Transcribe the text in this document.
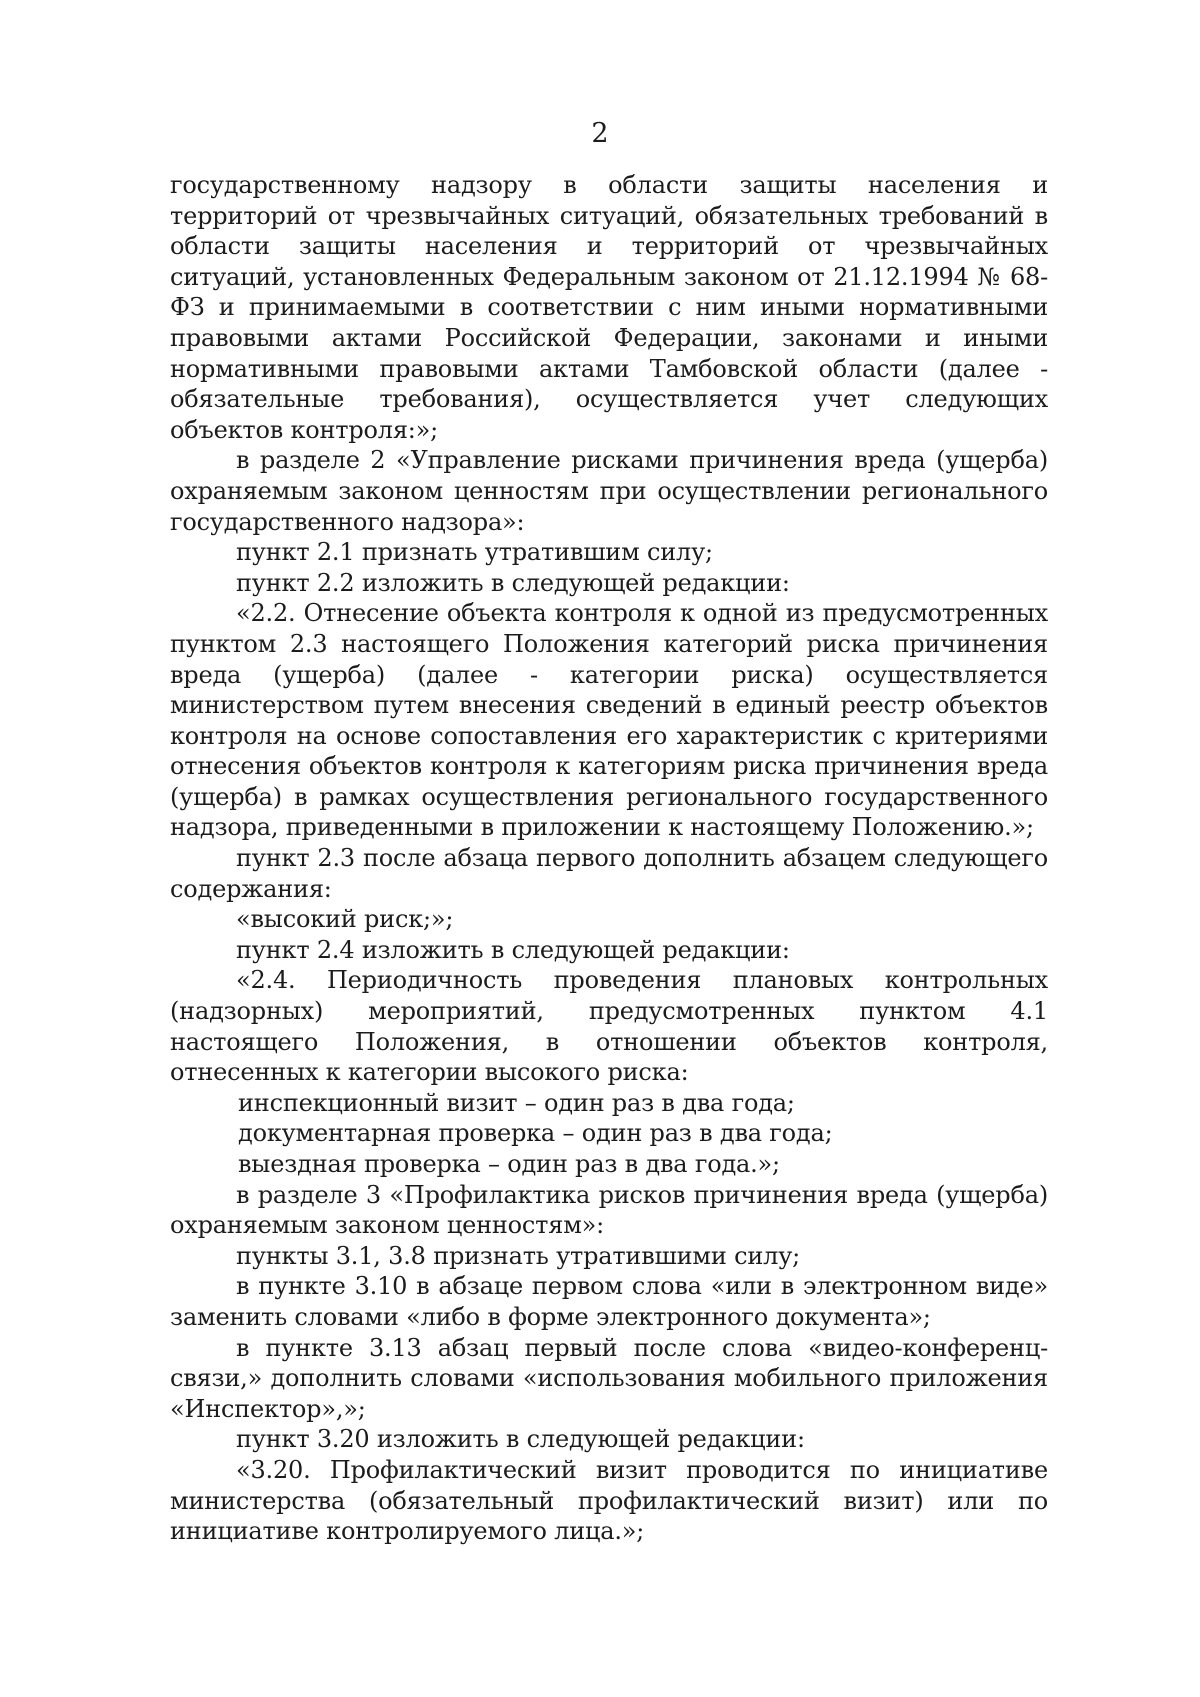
2

государственному надзору в области защиты населения и территорий от чрезвычайных ситуаций, обязательных требований в области защиты населения и территорий от чрезвычайных ситуаций, установленных Федеральным законом от 21.12.1994 № 68-ФЗ и принимаемыми в соответствии с ним иными нормативными правовыми актами Российской Федерации, законами и иными нормативными правовыми актами Тамбовской области (далее - обязательные требования), осуществляется учет следующих объектов контроля:»;

в разделе 2 «Управление рисками причинения вреда (ущерба) охраняемым законом ценностям при осуществлении регионального государственного надзора»:

пункт 2.1 признать утратившим силу;

пункт 2.2 изложить в следующей редакции:

«2.2. Отнесение объекта контроля к одной из предусмотренных пунктом 2.3 настоящего Положения категорий риска причинения вреда (ущерба) (далее - категории риска) осуществляется министерством путем внесения сведений в единый реестр объектов контроля на основе сопоставления его характеристик с критериями отнесения объектов контроля к категориям риска причинения вреда (ущерба) в рамках осуществления регионального государственного надзора, приведенными в приложении к настоящему Положению.»;

пункт 2.3 после абзаца первого дополнить абзацем следующего содержания:

«высокий риск;»;

пункт 2.4 изложить в следующей редакции:

«2.4. Периодичность проведения плановых контрольных (надзорных) мероприятий, предусмотренных пунктом 4.1 настоящего Положения, в отношении объектов контроля, отнесенных к категории высокого риска:

инспекционный визит – один раз в два года;

документарная проверка – один раз в два года;

выездная проверка – один раз в два года.»;

в разделе 3 «Профилактика рисков причинения вреда (ущерба) охраняемым законом ценностям»:

пункты 3.1, 3.8 признать утратившими силу;

в пункте 3.10 в абзаце первом слова «или в электронном виде» заменить словами «либо в форме электронного документа»;

в пункте 3.13 абзац первый после слова «видео-конференц-связи,» дополнить словами «использования мобильного приложения «Инспектор»,»;

пункт 3.20 изложить в следующей редакции:

«3.20. Профилактический визит проводится по инициативе министерства (обязательный профилактический визит) или по инициативе контролируемого лица.»;
